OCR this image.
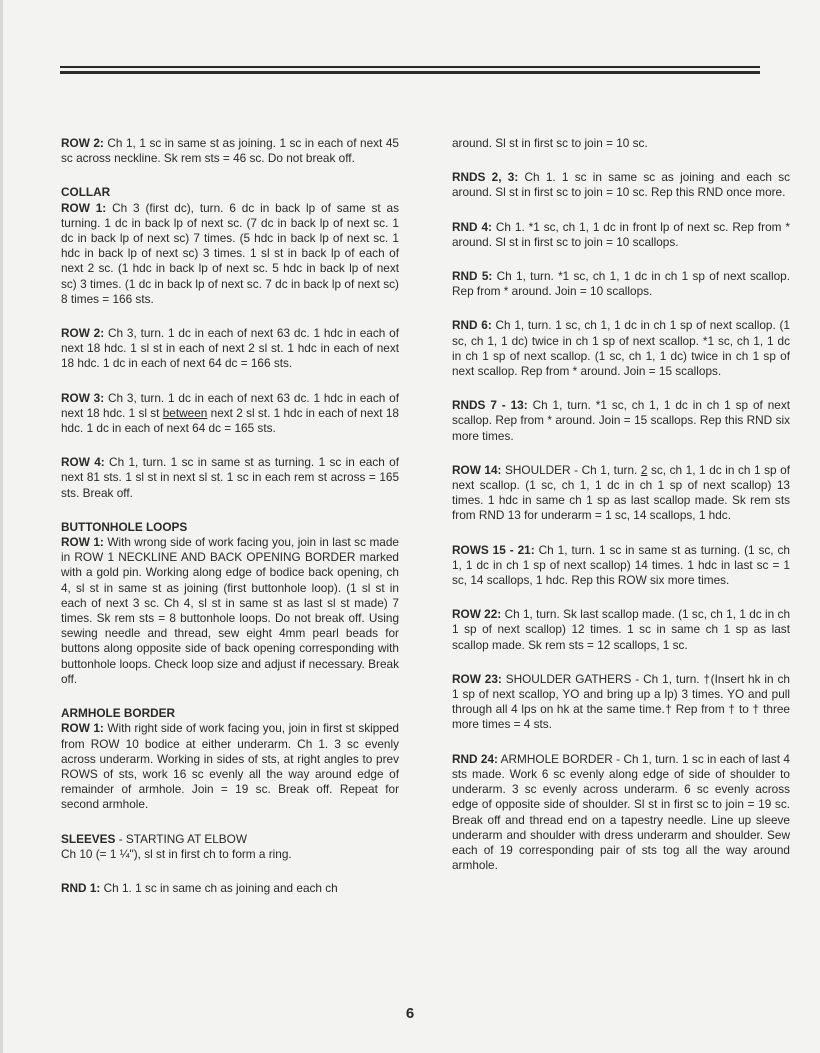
ROW 2: Ch 1, 1 sc in same st as joining. 1 sc in each of next 45 sc across neckline. Sk rem sts = 46 sc. Do not break off.

COLLAR

ROW 1: Ch 3 (first dc), turn. 6 dc in back lp of same st as turning. 1 dc in back lp of next sc. (7 dc in back lp of next sc. 1 dc in back lp of next sc) 7 times. (5 hdc in back lp of next sc. 1 hdc in back lp of next sc) 3 times. 1 sl st in back lp of each of next 2 sc. (1 hdc in back lp of next sc. 5 hdc in back lp of next sc) 3 times. (1 dc in back lp of next sc. 7 dc in back lp of next sc) 8 times = 166 sts.

ROW 2: Ch 3, turn. 1 dc in each of next 63 dc. 1 hdc in each of next 18 hdc. 1 sl st in each of next 2 sl st. 1 hdc in each of next 18 hdc. 1 dc in each of next 64 dc = 166 sts.

ROW 3: Ch 3, turn. 1 dc in each of next 63 dc. 1 hdc in each of next 18 hdc. 1 sl st between next 2 sl st. 1 hdc in each of next 18 hdc. 1 dc in each of next 64 dc = 165 sts.

ROW 4: Ch 1, turn. 1 sc in same st as turning. 1 sc in each of next 81 sts. 1 sl st in next sl st. 1 sc in each rem st across = 165 sts. Break off.

BUTTONHOLE LOOPS

ROW 1: With wrong side of work facing you, join in last sc made in ROW 1 NECKLINE AND BACK OPENING BORDER marked with a gold pin. Working along edge of bodice back opening, ch 4, sl st in same st as joining (first buttonhole loop). (1 sl st in each of next 3 sc. Ch 4, sl st in same st as last sl st made) 7 times. Sk rem sts = 8 buttonhole loops. Do not break off. Using sewing needle and thread, sew eight 4mm pearl beads for buttons along opposite side of back opening corresponding with buttonhole loops. Check loop size and adjust if necessary. Break off.

ARMHOLE BORDER

ROW 1: With right side of work facing you, join in first st skipped from ROW 10 bodice at either underarm. Ch 1. 3 sc evenly across underarm. Working in sides of sts, at right angles to prev ROWS of sts, work 16 sc evenly all the way around edge of remainder of armhole. Join = 19 sc. Break off. Repeat for second armhole.

SLEEVES - STARTING AT ELBOW

Ch 10 (= 1 ¼"), sl st in first ch to form a ring.

RND 1: Ch 1. 1 sc in same ch as joining and each ch

around. Sl st in first sc to join = 10 sc.

RNDS 2, 3: Ch 1. 1 sc in same sc as joining and each sc around. Sl st in first sc to join = 10 sc. Rep this RND once more.

RND 4: Ch 1. *1 sc, ch 1, 1 dc in front lp of next sc. Rep from * around. Sl st in first sc to join = 10 scallops.

RND 5: Ch 1, turn. *1 sc, ch 1, 1 dc in ch 1 sp of next scallop. Rep from * around. Join = 10 scallops.

RND 6: Ch 1, turn. 1 sc, ch 1, 1 dc in ch 1 sp of next scallop. (1 sc, ch 1, 1 dc) twice in ch 1 sp of next scallop. *1 sc, ch 1, 1 dc in ch 1 sp of next scallop. (1 sc, ch 1, 1 dc) twice in ch 1 sp of next scallop. Rep from * around. Join = 15 scallops.

RNDS 7 - 13: Ch 1, turn. *1 sc, ch 1, 1 dc in ch 1 sp of next scallop. Rep from * around. Join = 15 scallops. Rep this RND six more times.

ROW 14: SHOULDER - Ch 1, turn. 2 sc, ch 1, 1 dc in ch 1 sp of next scallop. (1 sc, ch 1, 1 dc in ch 1 sp of next scallop) 13 times. 1 hdc in same ch 1 sp as last scallop made. Sk rem sts from RND 13 for underarm = 1 sc, 14 scallops, 1 hdc.

ROWS 15 - 21: Ch 1, turn. 1 sc in same st as turning. (1 sc, ch 1, 1 dc in ch 1 sp of next scallop) 14 times. 1 hdc in last sc = 1 sc, 14 scallops, 1 hdc. Rep this ROW six more times.

ROW 22: Ch 1, turn. Sk last scallop made. (1 sc, ch 1, 1 dc in ch 1 sp of next scallop) 12 times. 1 sc in same ch 1 sp as last scallop made. Sk rem sts = 12 scallops, 1 sc.

ROW 23: SHOULDER GATHERS - Ch 1, turn. †(Insert hk in ch 1 sp of next scallop, YO and bring up a lp) 3 times. YO and pull through all 4 lps on hk at the same time.† Rep from † to † three more times = 4 sts.

RND 24: ARMHOLE BORDER - Ch 1, turn. 1 sc in each of last 4 sts made. Work 6 sc evenly along edge of side of shoulder to underarm. 3 sc evenly across underarm. 6 sc evenly across edge of opposite side of shoulder. Sl st in first sc to join = 19 sc. Break off and thread end on a tapestry needle. Line up sleeve underarm and shoulder with dress underarm and shoulder. Sew each of 19 corresponding pair of sts tog all the way around armhole.

6
